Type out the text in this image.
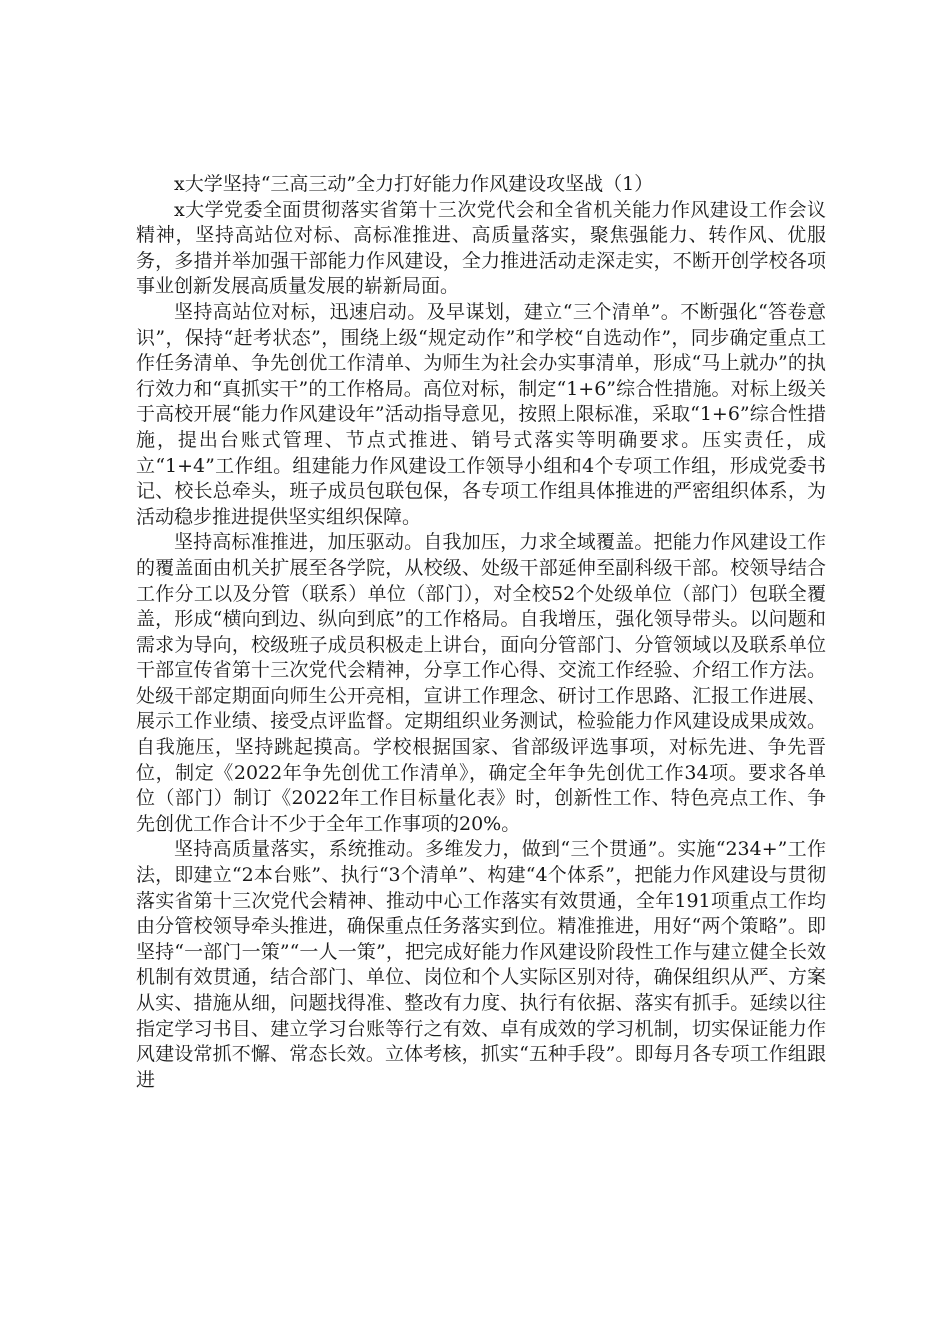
x大学坚持“三高三动”全力打好能力作风建设攻坚战（1）

x大学党委全面贯彻落实省第十三次党代会和全省机关能力作风建设工作会议精神，坚持高站位对标、高标准推进、高质量落实，聚焦强能力、转作风、优服务，多措并举加强干部能力作风建设，全力推进活动走深走实，不断开创学校各项事业创新发展高质量发展的崭新局面。

坚持高站位对标，迅速启动。及早谋划，建立“三个清单”。不断强化“答卷意识”，保持“赶考状态”，围绕上级“规定动作”和学校“自选动作”，同步确定重点工作任务清单、争先创优工作清单、为师生为社会办实事清单，形成“马上就办”的执行效力和“真抓实干”的工作格局。高位对标，制定“1+6”综合性措施。对标上级关于高校开展“能力作风建设年”活动指导意见，按照上限标准，采取“1+6”综合性措施，提出台账式管理、节点式推进、销号式落实等明确要求。压实责任，成立“1+4”工作组。组建能力作风建设工作领导小组和4个专项工作组，形成党委书记、校长总牵头，班子成员包联包保，各专项工作组具体推进的严密组织体系，为活动稳步推进提供坚实组织保障。

坚持高标准推进，加压驱动。自我加压，力求全域覆盖。把能力作风建设工作的覆盖面由机关扩展至各学院，从校级、处级干部延伸至副科级干部。校领导结合工作分工以及分管（联系）单位（部门），对全校52个处级单位（部门）包联全覆盖，形成“横向到边、纵向到底”的工作格局。自我增压，强化领导带头。以问题和需求为导向，校级班子成员积极走上讲台，面向分管部门、分管领域以及联系单位干部宣传省第十三次党代会精神，分享工作心得、交流工作经验、介绍工作方法。处级干部定期面向师生公开亮相，宣讲工作理念、研讨工作思路、汇报工作进展、展示工作业绩、接受点评监督。定期组织业务测试，检验能力作风建设成果成效。自我施压，坚持跳起摸高。学校根据国家、省部级评选事项，对标先进、争先晋位，制定《2022年争先创优工作清单》，确定全年争先创优工作34项。要求各单位（部门）制订《2022年工作目标量化表》时，创新性工作、特色亮点工作、争先创优工作合计不少于全年工作事项的20%。

坚持高质量落实，系统推动。多维发力，做到“三个贯通”。实施“234+”工作法，即建立“2本台账”、执行“3个清单”、构建“4个体系”，把能力作风建设与贯彻落实省第十三次党代会精神、推动中心工作落实有效贯通，全年191项重点工作均由分管校领导牵头推进，确保重点任务落实到位。精准推进，用好“两个策略”。即坚持“一部门一策”“一人一策”，把完成好能力作风建设阶段性工作与建立健全长效机制有效贯通，结合部门、单位、岗位和个人实际区别对待，确保组织从严、方案从实、措施从细，问题找得准、整改有力度、执行有依据、落实有抓手。延续以往指定学习书目、建立学习台账等行之有效、卓有成效的学习机制，切实保证能力作风建设常抓不懈、常态长效。立体考核，抓实“五种手段”。即每月各专项工作组跟进
